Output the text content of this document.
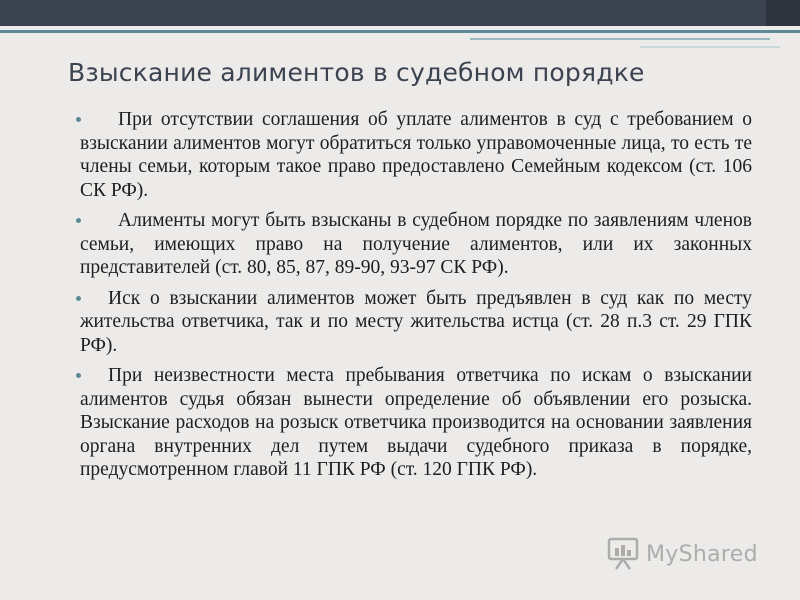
Взыскание алиментов в судебном порядке
При отсутствии соглашения об уплате алиментов в суд с требованием о взыскании алиментов могут обратиться только управомоченные лица, то есть те члены семьи, которым такое право предоставлено Семейным кодексом (ст. 106 СК РФ).
Алименты могут быть взысканы в судебном порядке по заявлениям членов семьи, имеющих право на получение алиментов, или их законных представителей (ст. 80, 85, 87, 89-90, 93-97 СК РФ).
Иск о взыскании алиментов может быть предъявлен в суд как по месту жительства ответчика, так и по месту жительства истца (ст. 28 п.3 ст. 29 ГПК РФ).
При неизвестности места пребывания ответчика по искам о взыскании алиментов судья обязан вынести определение об объявлении его розыска. Взыскание расходов на розыск ответчика производится на основании заявления органа внутренних дел путем выдачи судебного приказа в порядке, предусмотренном главой 11 ГПК РФ (ст. 120 ГПК РФ).
MyShared
